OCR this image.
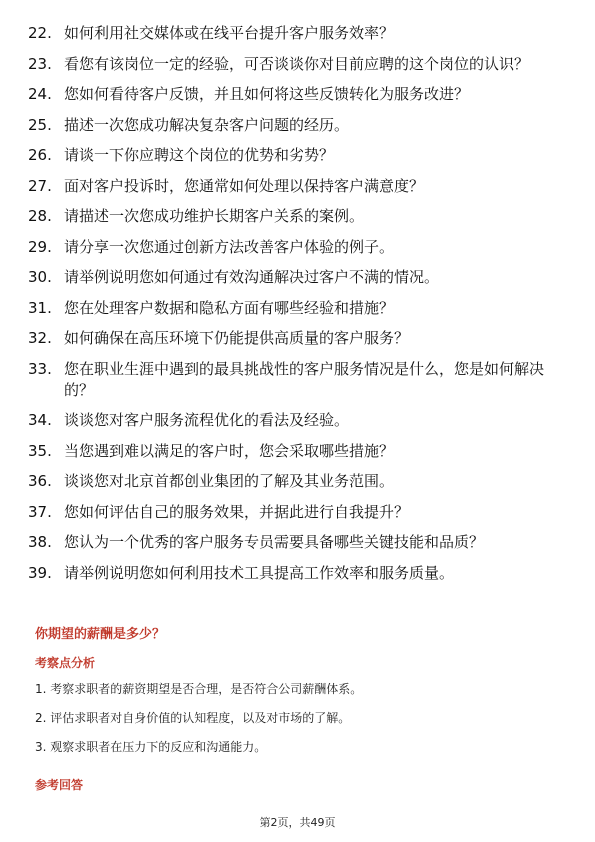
22. 如何利用社交媒体或在线平台提升客户服务效率？
23. 看您有该岗位一定的经验，可否谈谈你对目前应聘的这个岗位的认识？
24. 您如何看待客户反馈，并且如何将这些反馈转化为服务改进？
25. 描述一次您成功解决复杂客户问题的经历。
26. 请谈一下你应聘这个岗位的优势和劣势？
27. 面对客户投诉时，您通常如何处理以保持客户满意度？
28. 请描述一次您成功维护长期客户关系的案例。
29. 请分享一次您通过创新方法改善客户体验的例子。
30. 请举例说明您如何通过有效沟通解决过客户不满的情况。
31. 您在处理客户数据和隐私方面有哪些经验和措施？
32. 如何确保在高压环境下仍能提供高质量的客户服务？
33. 您在职业生涯中遇到的最具挑战性的客户服务情况是什么，您是如何解决的？
34. 谈谈您对客户服务流程优化的看法及经验。
35. 当您遇到难以满足的客户时，您会采取哪些措施？
36. 谈谈您对北京首都创业集团的了解及其业务范围。
37. 您如何评估自己的服务效果，并据此进行自我提升？
38. 您认为一个优秀的客户服务专员需要具备哪些关键技能和品质？
39. 请举例说明您如何利用技术工具提高工作效率和服务质量。
你期望的薪酬是多少？
考察点分析
1. 考察求职者的薪资期望是否合理，是否符合公司薪酬体系。
2. 评估求职者对自身价值的认知程度，以及对市场的了解。
3. 观察求职者在压力下的反应和沟通能力。
参考回答
第2页，共49页
